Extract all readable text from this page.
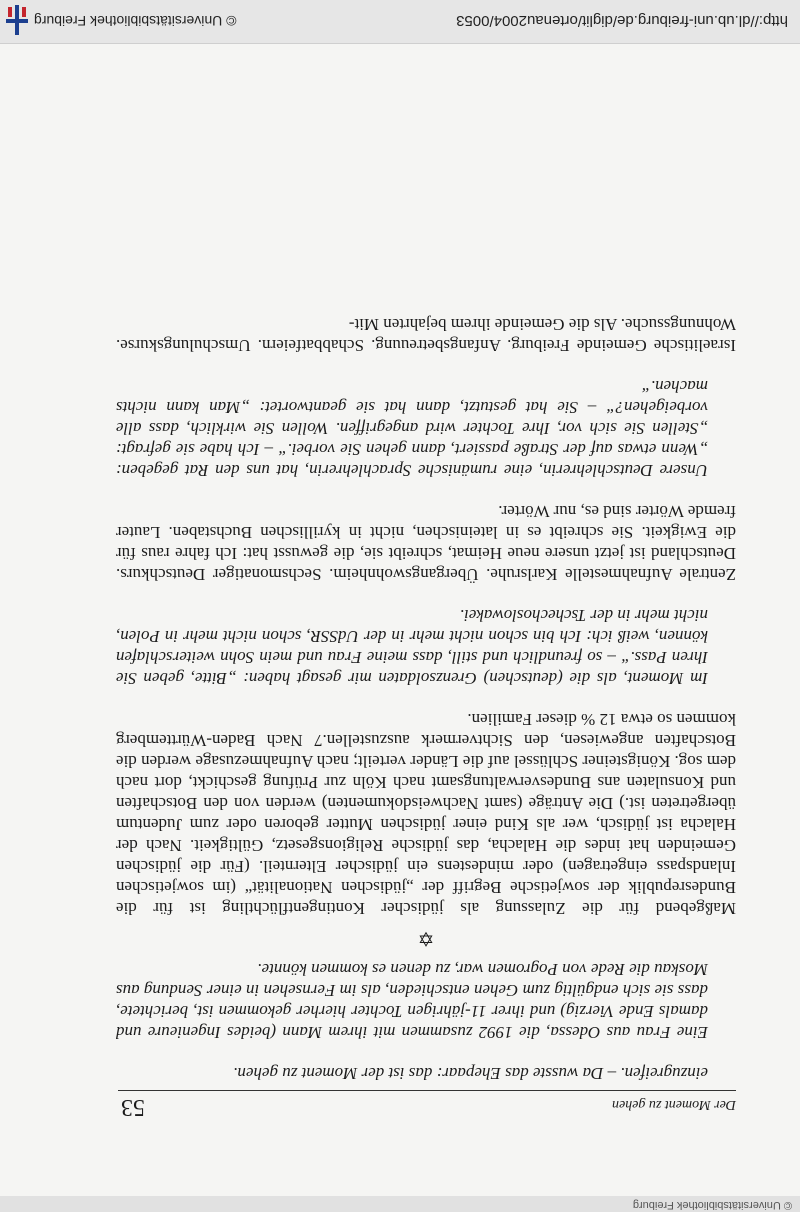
© Universitätsbibliothek Freiburg
Der Moment zu gehen
53

einzugreifen. – Da wusste das Ehepaar: das ist der Moment zu gehen.

Eine Frau aus Odessa, die 1992 zusammen mit ihrem Mann (beides Ingenieure und damals Ende Vierzig) und ihrer 11-jährigen Tochter hierher gekommen ist, berichtete, dass sie sich endgültig zum Gehen entschieden, als im Fernsehen in einer Sendung aus Moskau die Rede von Pogromen war, zu denen es kommen könnte.

✡

Maßgebend für die Zulassung als jüdischer Kontingentflüchtling ist für die Bundesrepublik der sowjetische Begriff der „jüdischen Nationalität“ (im sowjetischen Inlandspass eingetragen) oder mindestens ein jüdischer Elternteil. (Für die jüdischen Gemeinden hat indes die Halacha, das jüdische Religionsgesetz, Gültigkeit. Nach der Halacha ist jüdisch, wer als Kind einer jüdischen Mutter geboren oder zum Judentum übergetreten ist.) Die Anträge (samt Nachweisdokumenten) werden von den Botschaften und Konsulaten ans Bundesverwaltungsamt nach Köln zur Prüfung geschickt, dort nach dem sog. Königsteiner Schlüssel auf die Länder verteilt; nach Aufnahmezusage werden die Botschaften angewiesen, den Sichtvermerk auszustellen.7 Nach Baden-Württemberg kommen so etwa 12 % dieser Familien.

Im Moment, als die (deutschen) Grenzsoldaten mir gesagt haben: „Bitte, geben Sie Ihren Pass.“ – so freundlich und still, dass meine Frau und mein Sohn weiterschlafen können, weiß ich: Ich bin schon nicht mehr in der UdSSR, schon nicht mehr in Polen, nicht mehr in der Tschechoslowakei.

Zentrale Aufnahmestelle Karlsruhe. Übergangswohnheim. Sechsmonatiger Deutschkurs. Deutschland ist jetzt unsere neue Heimat, schreibt sie, die gewusst hat: Ich fahre raus für die Ewigkeit. Sie schreibt es in lateinischen, nicht in kyrillischen Buchstaben. Lauter fremde Wörter sind es, nur Wörter.

Unsere Deutschlehrerin, eine rumänische Sprachlehrerin, hat uns den Rat gegeben: „Wenn etwas auf der Straße passiert, dann gehen Sie vorbei.“ – Ich habe sie gefragt: „Stellen Sie sich vor, Ihre Tochter wird angegriffen. Wollen Sie wirklich, dass alle vorbeigehen?“ – Sie hat gestutzt, dann hat sie geantwortet: „Man kann nichts machen.“

Israelitische Gemeinde Freiburg. Anfangsbetreuung. Schabbatfeiern. Umschulungskurse. Wohnungssuche. Als die Gemeinde ihrem bejahrten Mit-

http://dl.ub.uni-freiburg.de/diglit/ortenau2004/0053
© Universitätsbibliothek Freiburg
